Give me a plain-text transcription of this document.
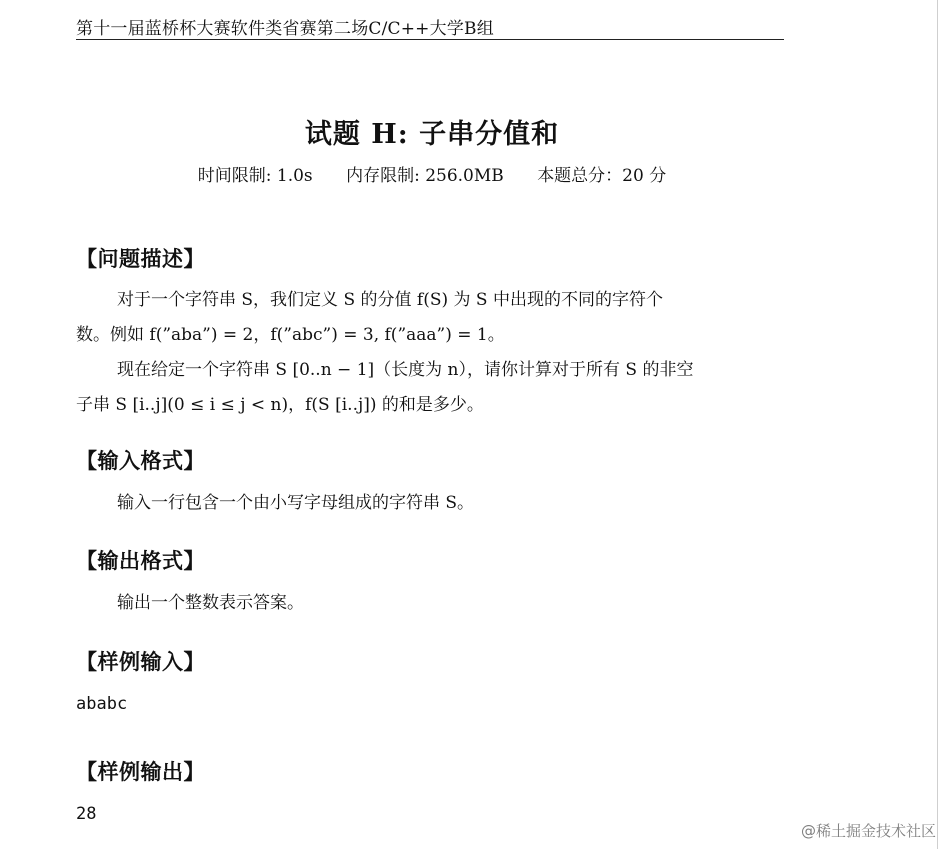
第十一届蓝桥杯大赛软件类省赛第二场C/C++大学B组
试题 H: 子串分值和
时间限制: 1.0s 内存限制: 256.0MB 本题总分：20 分
【问题描述】
对于一个字符串 S，我们定义 S 的分值 f(S) 为 S 中出现的不同的字符个
数。例如 f(”aba”) = 2，f(”abc”) = 3, f(”aaa”) = 1。
现在给定一个字符串 S [0..n − 1]（长度为 n），请你计算对于所有 S 的非空
子串 S [i..j](0 ≤ i ≤ j < n)，f(S [i..j]) 的和是多少。
【输入格式】
输入一行包含一个由小写字母组成的字符串 S。
【输出格式】
输出一个整数表示答案。
【样例输入】
ababc
【样例输出】
28
@稀土掘金技术社区
